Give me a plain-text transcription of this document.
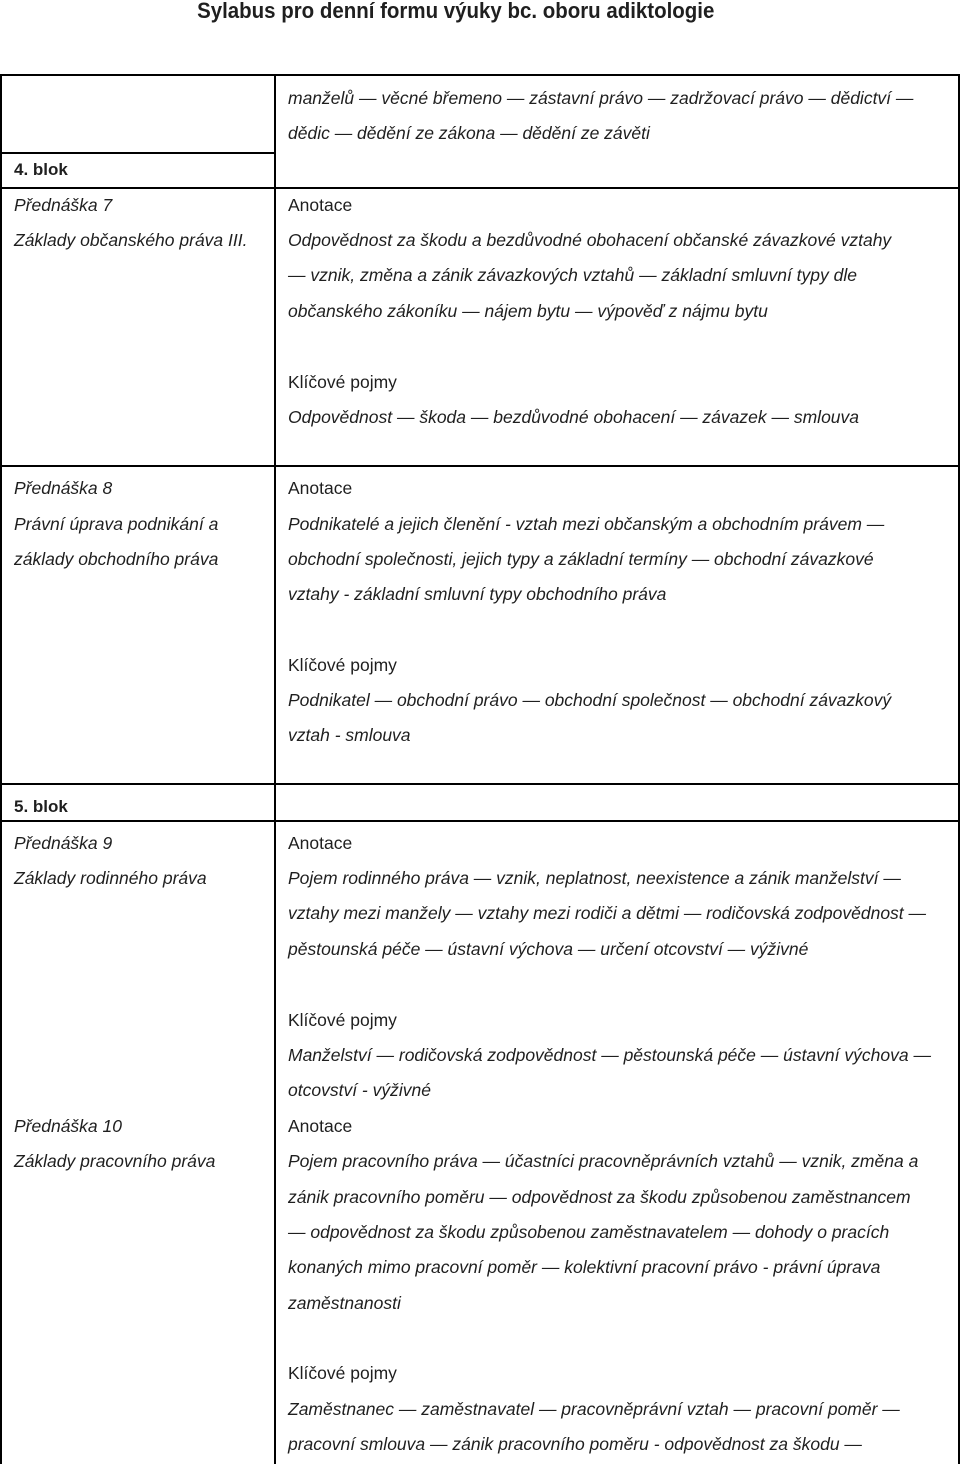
Sylabus pro denní formu výuky bc. oboru adiktologie
manželů — věcné břemeno — zástavní právo — zadržovací právo — dědictví —
dědic — dědění ze zákona — dědění ze závěti
4. blok
Přednáška 7
Základy občanského práva III.
Anotace
Odpovědnost za škodu a bezdůvodné obohacení občanské závazkové vztahy
— vznik, změna a zánik závazkových vztahů — základní smluvní typy dle
občanského zákoníku — nájem bytu — výpověď z nájmu bytu
Klíčové pojmy
Odpovědnost — škoda — bezdůvodné obohacení — závazek — smlouva
Přednáška 8
Právní úprava podnikání a
základy obchodního práva
Anotace
Podnikatelé a jejich členění - vztah mezi občanským a obchodním právem —
obchodní společnosti, jejich typy a základní termíny — obchodní závazkové
vztahy - základní smluvní typy obchodního práva
Klíčové pojmy
Podnikatel — obchodní právo — obchodní společnost — obchodní závazkový
vztah - smlouva
5. blok
Přednáška 9
Základy rodinného práva
Anotace
Pojem rodinného práva — vznik, neplatnost, neexistence a zánik manželství —
vztahy mezi manžely — vztahy mezi rodiči a dětmi — rodičovská zodpovědnost —
pěstounská péče — ústavní výchova — určení otcovství — výživné
Klíčové pojmy
Manželství — rodičovská zodpovědnost — pěstounská péče — ústavní výchova —
otcovství - výživné
Přednáška 10
Základy pracovního práva
Anotace
Pojem pracovního práva — účastníci pracovněprávních vztahů — vznik, změna a
zánik pracovního poměru — odpovědnost za škodu způsobenou zaměstnancem
— odpovědnost za škodu způsobenou zaměstnavatelem — dohody o pracích
konaných mimo pracovní poměr — kolektivní pracovní právo - právní úprava
zaměstnanosti
Klíčové pojmy
Zaměstnanec — zaměstnavatel — pracovněprávní vztah — pracovní poměr —
pracovní smlouva — zánik pracovního poměru - odpovědnost za škodu —
